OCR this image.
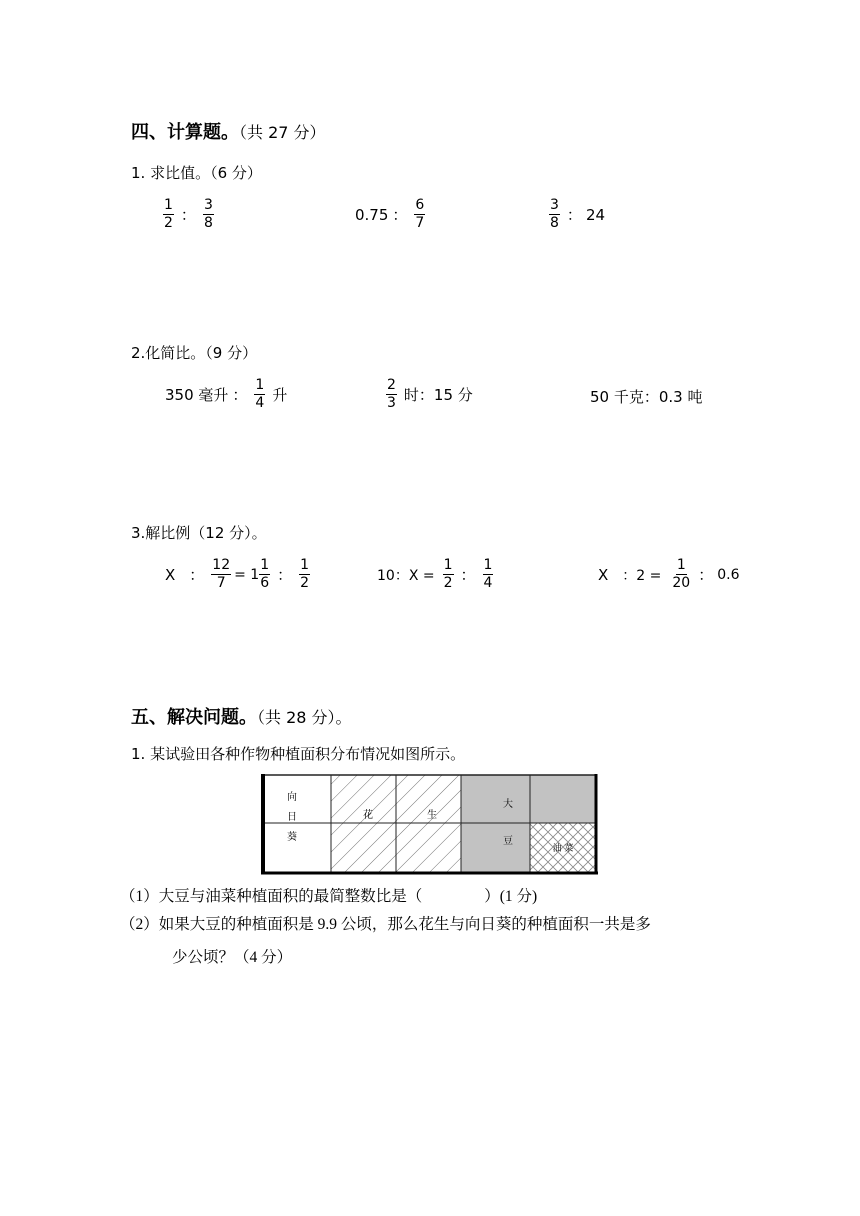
四、计算题。（共 27 分）
1. 求比值。（6 分）
$\frac{1}{2}$ ： $\frac{3}{8}$	0.75 ： $\frac{6}{7}$	$\frac{3}{8}$ ： 24
2.化简比。（9 分）
350 毫升 ： $\frac{1}{4}$ 升	$\frac{2}{3}$ 时：15 分	50 千克：0.3 吨
3.解比例（12 分）。
X ： $\frac{12}{7} = 1 \frac{1}{6}$ ： $\frac{1}{2}$	10：$X = \frac{1}{2}$ ： $\frac{1}{4}$	X ：$2 = \frac{1}{20}$ ： 0.6
五、解决问题。（共 28 分）。
1. 某试验田各种作物种植面积分布情况如图所示。
向
日
葵
花	生
大
豆
油 菜
（1）大豆与油菜种植面积的最简整数比是（　　　　）(1 分)
（2）如果大豆的种植面积是 9.9 公顷，那么花生与向日葵的种植面积一共是多
少公顷？（4 分）
